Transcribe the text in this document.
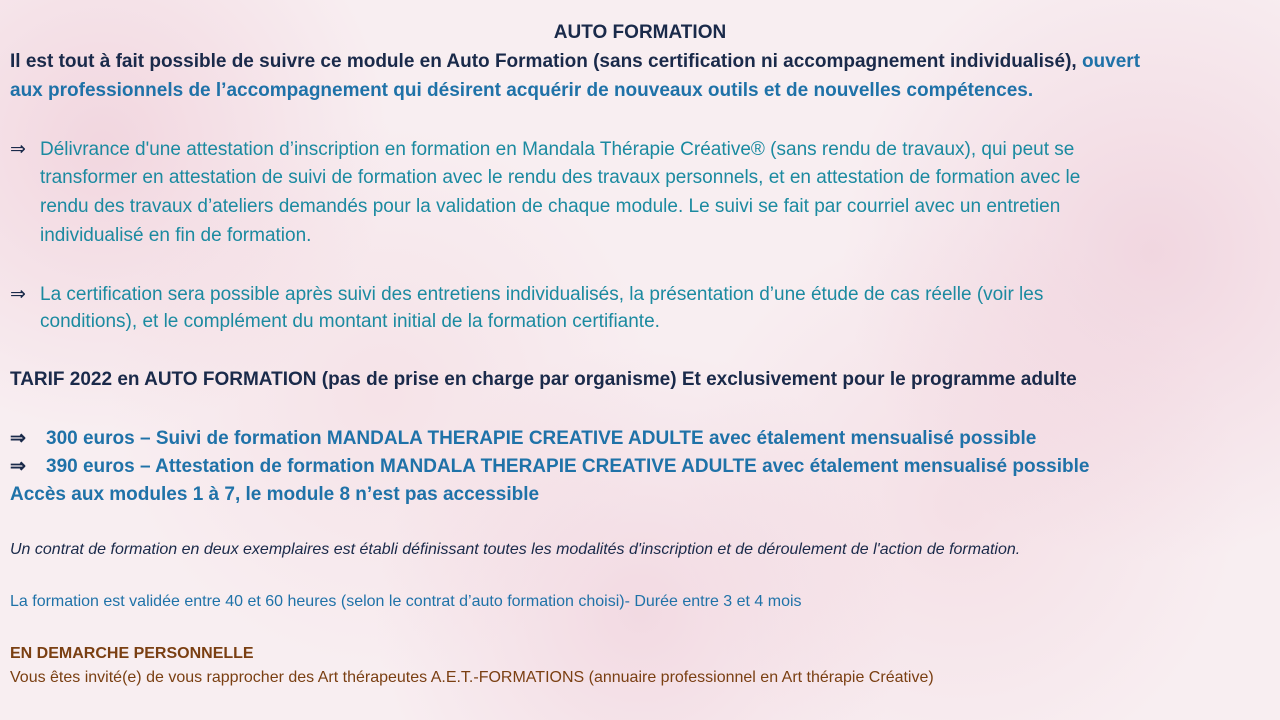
AUTO FORMATION
Il est tout à fait possible de suivre ce module en Auto Formation (sans certification ni accompagnement individualisé), ouvert
aux professionnels de l’accompagnement qui désirent acquérir de nouveaux outils et de nouvelles compétences.
⇒ Délivrance d'une attestation d’inscription en formation en Mandala Thérapie Créative® (sans rendu de travaux), qui peut se
transformer en attestation de suivi de formation avec le rendu des travaux personnels, et en attestation de formation avec le
rendu des travaux d’ateliers demandés pour la validation de chaque module. Le suivi se fait par courriel avec un entretien
individualisé en fin de formation.
⇒ La certification sera possible après suivi des entretiens individualisés, la présentation d’une étude de cas réelle (voir les
conditions), et le complément du montant initial de la formation certifiante.
TARIF 2022 en AUTO FORMATION (pas de prise en charge par organisme) Et exclusivement pour le programme adulte
⇒ 300 euros – Suivi de formation MANDALA THERAPIE CREATIVE ADULTE avec étalement mensualisé possible
⇒ 390 euros – Attestation de formation MANDALA THERAPIE CREATIVE ADULTE avec étalement mensualisé possible
Accès aux modules 1 à 7, le module 8 n’est pas accessible
Un contrat de formation en deux exemplaires est établi définissant toutes les modalités d'inscription et de déroulement de l'action de formation.
La formation est validée entre 40 et 60 heures (selon le contrat d’auto formation choisi)- Durée entre 3 et 4 mois
EN DEMARCHE PERSONNELLE
Vous êtes invité(e) de vous rapprocher des Art thérapeutes A.E.T.-FORMATIONS (annuaire professionnel en Art thérapie Créative)
